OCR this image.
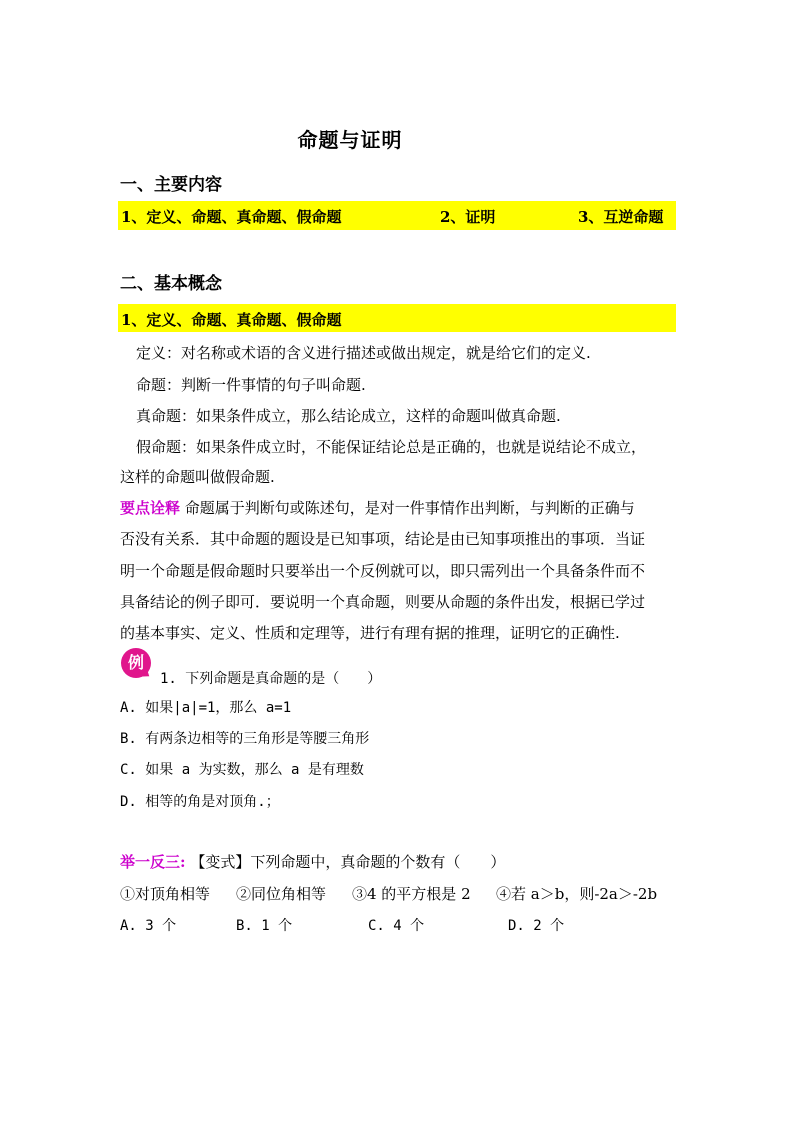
命题与证明
一、主要内容
1、定义、命题、真命题、假命题	2、证明	3、互逆命题
二、基本概念
1、定义、命题、真命题、假命题
定义：对名称或术语的含义进行描述或做出规定，就是给它们的定义.
命题：判断一件事情的句子叫命题.
真命题：如果条件成立，那么结论成立，这样的命题叫做真命题.
假命题：如果条件成立时，不能保证结论总是正确的，也就是说结论不成立，
这样的命题叫做假命题.
要点诠释 命题属于判断句或陈述句，是对一件事情作出判断，与判断的正确与
否没有关系．其中命题的题设是已知事项，结论是由已知事项推出的事项．当证
明一个命题是假命题时只要举出一个反例就可以，即只需列出一个具备条件而不
具备结论的例子即可．要说明一个真命题，则要从命题的条件出发，根据已学过
的基本事实、定义、性质和定理等，进行有理有据的推理，证明它的正确性.
例
1. 下列命题是真命题的是（　　）
A. 如果|a|=1，那么 a=1
B. 有两条边相等的三角形是等腰三角形
C. 如果 a 为实数，那么 a 是有理数
D. 相等的角是对顶角.；
举一反三: 【变式】下列命题中，真命题的个数有（　　）
①对顶角相等 ②同位角相等 ③4 的平方根是 2 ④若 a＞b，则-2a＞-2b
A. 3 个	B. 1 个	C. 4 个	D. 2 个
